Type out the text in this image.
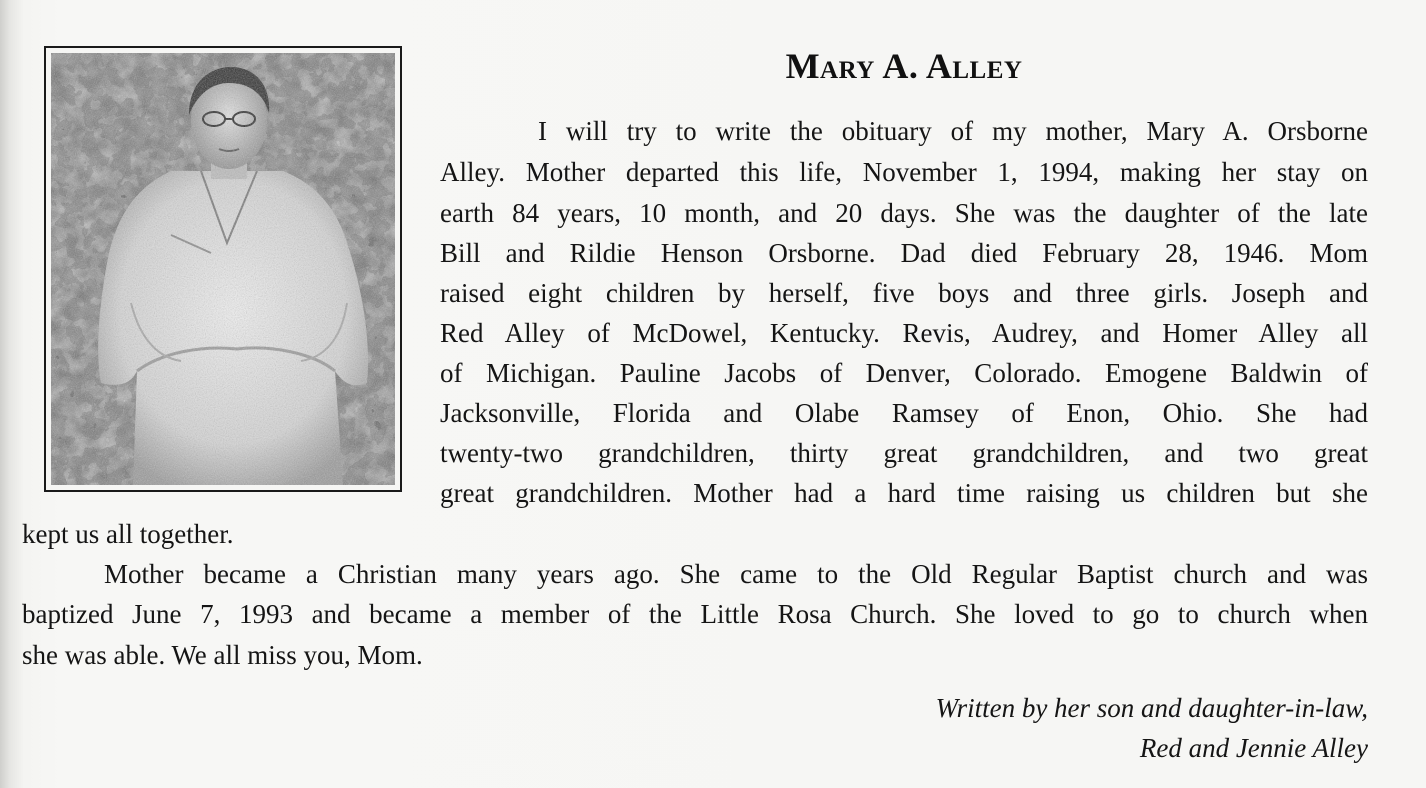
Mary A. Alley
I will try to write the obituary of my mother, Mary A. Orsborne
Alley. Mother departed this life, November 1, 1994, making her stay on
earth 84 years, 10 month, and 20 days. She was the daughter of the late
Bill and Rildie Henson Orsborne. Dad died February 28, 1946. Mom
raised eight children by herself, five boys and three girls. Joseph and
Red Alley of McDowel, Kentucky. Revis, Audrey, and Homer Alley all
of Michigan. Pauline Jacobs of Denver, Colorado. Emogene Baldwin of
Jacksonville, Florida and Olabe Ramsey of Enon, Ohio. She had
twenty-two grandchildren, thirty great grandchildren, and two great
great grandchildren. Mother had a hard time raising us children but she
kept us all together.
Mother became a Christian many years ago. She came to the Old Regular Baptist church and was
baptized June 7, 1993 and became a member of the Little Rosa Church. She loved to go to church when
she was able. We all miss you, Mom.
Written by her son and daughter-in-law,
Red and Jennie Alley
